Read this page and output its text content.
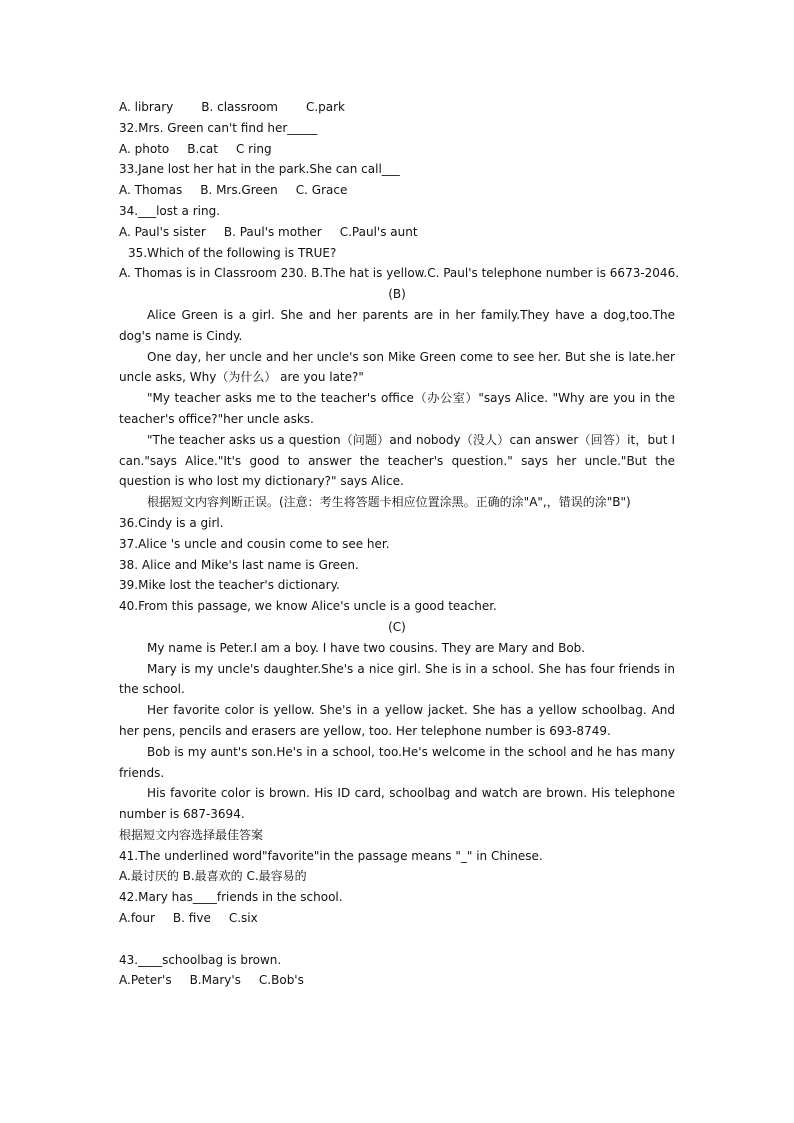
A. library B. classroom C.park
32.Mrs. Green can't find her_____
A. photo B.cat C ring
33.Jane lost her hat in the park.She can call___
A. Thomas B. Mrs.Green C. Grace
34.___lost a ring.
A. Paul's sister B. Paul's mother C.Paul's aunt
35.Which of the following is TRUE?
A. Thomas is in Classroom 230. B.The hat is yellow.C. Paul's telephone number is 6673-2046.
(B)
Alice Green is a girl. She and her parents are in her family.They have a dog,too.The dog's name is Cindy.
One day, her uncle and her uncle's son Mike Green come to see her. But she is late.her uncle asks, Why（为什么） are you late?"
"My teacher asks me to the teacher's office（办公室）"says Alice. "Why are you in the teacher's office?"her uncle asks.
"The teacher asks us a question（问题）and nobody（没人）can answer（回答）it，but I can."says Alice."It's good to answer the teacher's question." says her uncle."But the question is who lost my dictionary?" says Alice.
根据短文内容判断正误。(注意：考生将答题卡相应位置涂黑。正确的涂"A",，错误的涂"B")
36.Cindy is a girl.
37.Alice 's uncle and cousin come to see her.
38. Alice and Mike's last name is Green.
39.Mike lost the teacher's dictionary.
40.From this passage, we know Alice's uncle is a good teacher.
(C)
My name is Peter.I am a boy. I have two cousins. They are Mary and Bob.
Mary is my uncle's daughter.She's a nice girl. She is in a school. She has four friends in the school.
Her favorite color is yellow. She's in a yellow jacket. She has a yellow schoolbag. And her pens, pencils and erasers are yellow, too. Her telephone number is 693-8749.
Bob is my aunt's son.He's in a school, too.He's welcome in the school and he has many friends.
His favorite color is brown. His ID card, schoolbag and watch are brown. His telephone number is 687-3694.
根据短文内容选择最佳答案
41.The underlined word"favorite"in the passage means "_" in Chinese.
A.最讨厌的 B.最喜欢的 C.最容易的
42.Mary has____friends in the school.
A.four B. five C.six
43.____schoolbag is brown.
A.Peter's B.Mary's C.Bob's
